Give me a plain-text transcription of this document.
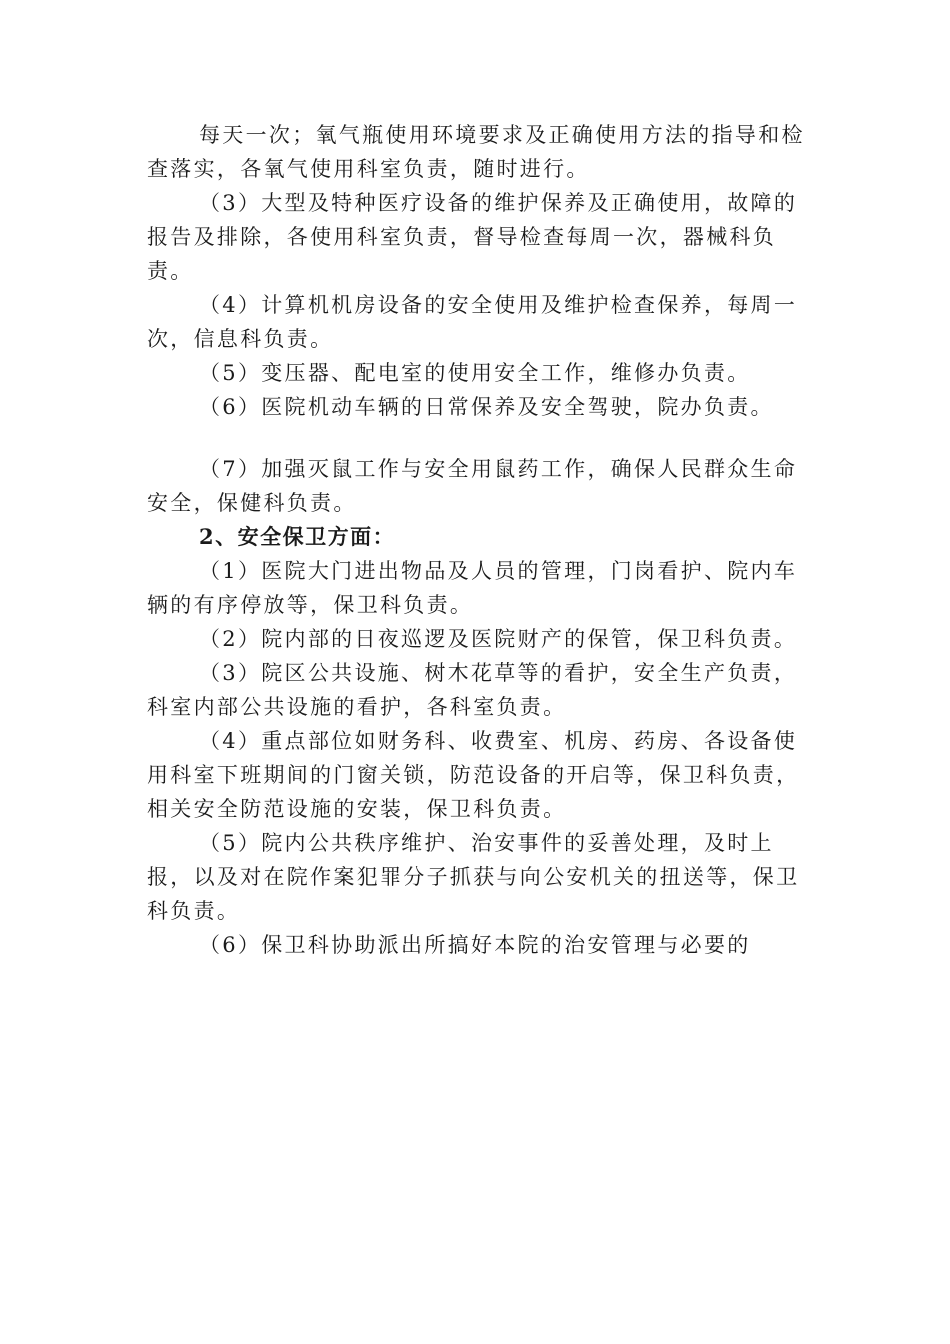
每天一次；氧气瓶使用环境要求及正确使用方法的指导和检查落实，各氧气使用科室负责，随时进行。

（3）大型及特种医疗设备的维护保养及正确使用，故障的报告及排除，各使用科室负责，督导检查每周一次，器械科负责。

（4）计算机机房设备的安全使用及维护检查保养，每周一次，信息科负责。

（5）变压器、配电室的使用安全工作，维修办负责。

（6）医院机动车辆的日常保养及安全驾驶，院办负责。

（7）加强灭鼠工作与安全用鼠药工作，确保人民群众生命安全，保健科负责。

2、安全保卫方面：

（1）医院大门进出物品及人员的管理，门岗看护、院内车辆的有序停放等，保卫科负责。

（2）院内部的日夜巡逻及医院财产的保管，保卫科负责。

（3）院区公共设施、树木花草等的看护，安全生产负责，科室内部公共设施的看护，各科室负责。

（4）重点部位如财务科、收费室、机房、药房、各设备使用科室下班期间的门窗关锁，防范设备的开启等，保卫科负责，相关安全防范设施的安装，保卫科负责。

（5）院内公共秩序维护、治安事件的妥善处理，及时上报，以及对在院作案犯罪分子抓获与向公安机关的扭送等，保卫科负责。

（6）保卫科协助派出所搞好本院的治安管理与必要的
